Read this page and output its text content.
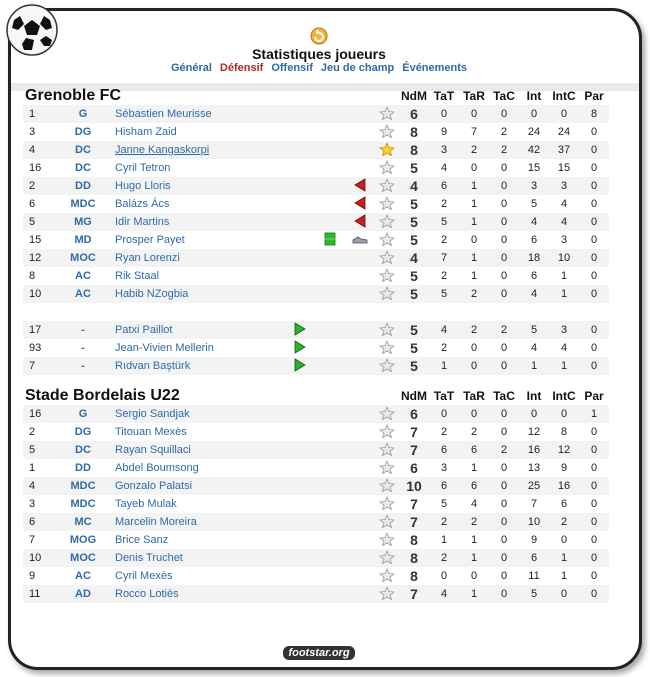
Statistiques joueurs
Général Défensif Offensif Jeu de champ Événements
Grenoble FC							NdM	TaT	TaR	TaC	Int	IntC	Par
1	G	Sébastien Meurisse					6	0	0	0	0	0	8
3	DG	Hisham Zaid					8	9	7	2	24	24	0
4	DC	Janne Kangaskorpi					8	3	2	2	42	37	0
16	DC	Cyril Tetron					5	4	0	0	15	15	0
2	DD	Hugo Lloris					4	6	1	0	3	3	0
6	MDC	Balázs Ács					5	2	1	0	5	4	0
5	MG	Idir Martins					5	5	1	0	4	4	0
15	MD	Prosper Payet					5	2	0	0	6	3	0
12	MOC	Ryan Lorenzi					4	7	1	0	18	10	0
8	AC	Rik Staal					5	2	1	0	6	1	0
10	AC	Habib NZogbia					5	5	2	0	4	1	0

17	-	Patxi Paillot					5	4	2	2	5	3	0
93	-	Jean-Vivien Mellerin					5	2	0	0	4	4	0
7	-	Rıdvan Baştürk					5	1	0	0	1	1	0

Stade Bordelais U22							NdM	TaT	TaR	TaC	Int	IntC	Par
16	G	Sergio Sandjak					6	0	0	0	0	0	1
2	DG	Titouan Mexès					7	2	2	0	12	8	0
5	DC	Rayan Squillaci					7	6	6	2	16	12	0
1	DD	Abdel Boumsong					6	3	1	0	13	9	0
4	MDC	Gonzalo Palatsi					10	6	6	0	25	16	0
3	MDC	Tayeb Mulak					7	5	4	0	7	6	0
6	MC	Marcelin Moreira					7	2	2	0	10	2	0
7	MOG	Brice Sanz					8	1	1	0	9	0	0
10	MOC	Denis Truchet					8	2	1	0	6	1	0
9	AC	Cyril Mexès					8	0	0	0	11	1	0
11	AD	Rocco Lotiès					7	4	1	0	5	0	0
footstar.org
